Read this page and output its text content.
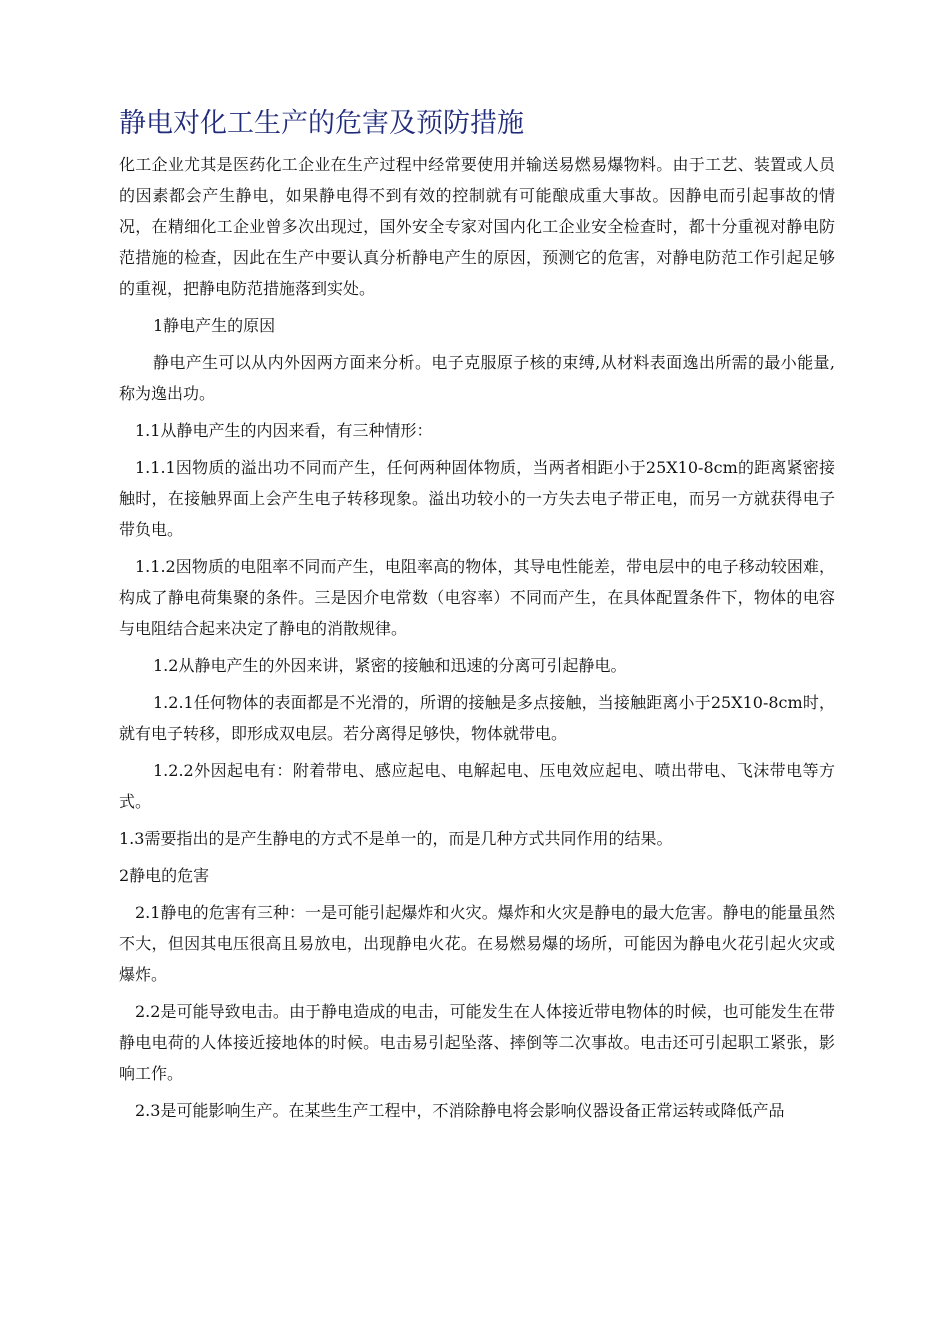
静电对化工生产的危害及预防措施

化工企业尤其是医药化工企业在生产过程中经常要使用并输送易燃易爆物料。由于工艺、装置或人员的因素都会产生静电，如果静电得不到有效的控制就有可能酿成重大事故。因静电而引起事故的情况，在精细化工企业曾多次出现过，国外安全专家对国内化工企业安全检查时，都十分重视对静电防范措施的检查，因此在生产中要认真分析静电产生的原因，预测它的危害，对静电防范工作引起足够的重视，把静电防范措施落到实处。

1静电产生的原因

静电产生可以从内外因两方面来分析。电子克服原子核的束缚,从材料表面逸出所需的最小能量,称为逸出功。

1.1从静电产生的内因来看，有三种情形：

1.1.1因物质的溢出功不同而产生，任何两种固体物质，当两者相距小于25X10-8cm的距离紧密接触时，在接触界面上会产生电子转移现象。溢出功较小的一方失去电子带正电，而另一方就获得电子带负电。

1.1.2因物质的电阻率不同而产生，电阻率高的物体，其导电性能差，带电层中的电子移动较困难，构成了静电荷集聚的条件。三是因介电常数（电容率）不同而产生，在具体配置条件下，物体的电容与电阻结合起来决定了静电的消散规律。

1.2从静电产生的外因来讲，紧密的接触和迅速的分离可引起静电。

1.2.1任何物体的表面都是不光滑的，所谓的接触是多点接触，当接触距离小于25X10-8cm时，就有电子转移，即形成双电层。若分离得足够快，物体就带电。

1.2.2外因起电有：附着带电、感应起电、电解起电、压电效应起电、喷出带电、飞沫带电等方式。

1.3需要指出的是产生静电的方式不是单一的，而是几种方式共同作用的结果。

2静电的危害

2.1静电的危害有三种：一是可能引起爆炸和火灾。爆炸和火灾是静电的最大危害。静电的能量虽然不大，但因其电压很高且易放电，出现静电火花。在易燃易爆的场所，可能因为静电火花引起火灾或爆炸。

2.2是可能导致电击。由于静电造成的电击，可能发生在人体接近带电物体的时候，也可能发生在带静电电荷的人体接近接地体的时候。电击易引起坠落、摔倒等二次事故。电击还可引起职工紧张，影响工作。

2.3是可能影响生产。在某些生产工程中，不消除静电将会影响仪器设备正常运转或降低产品
